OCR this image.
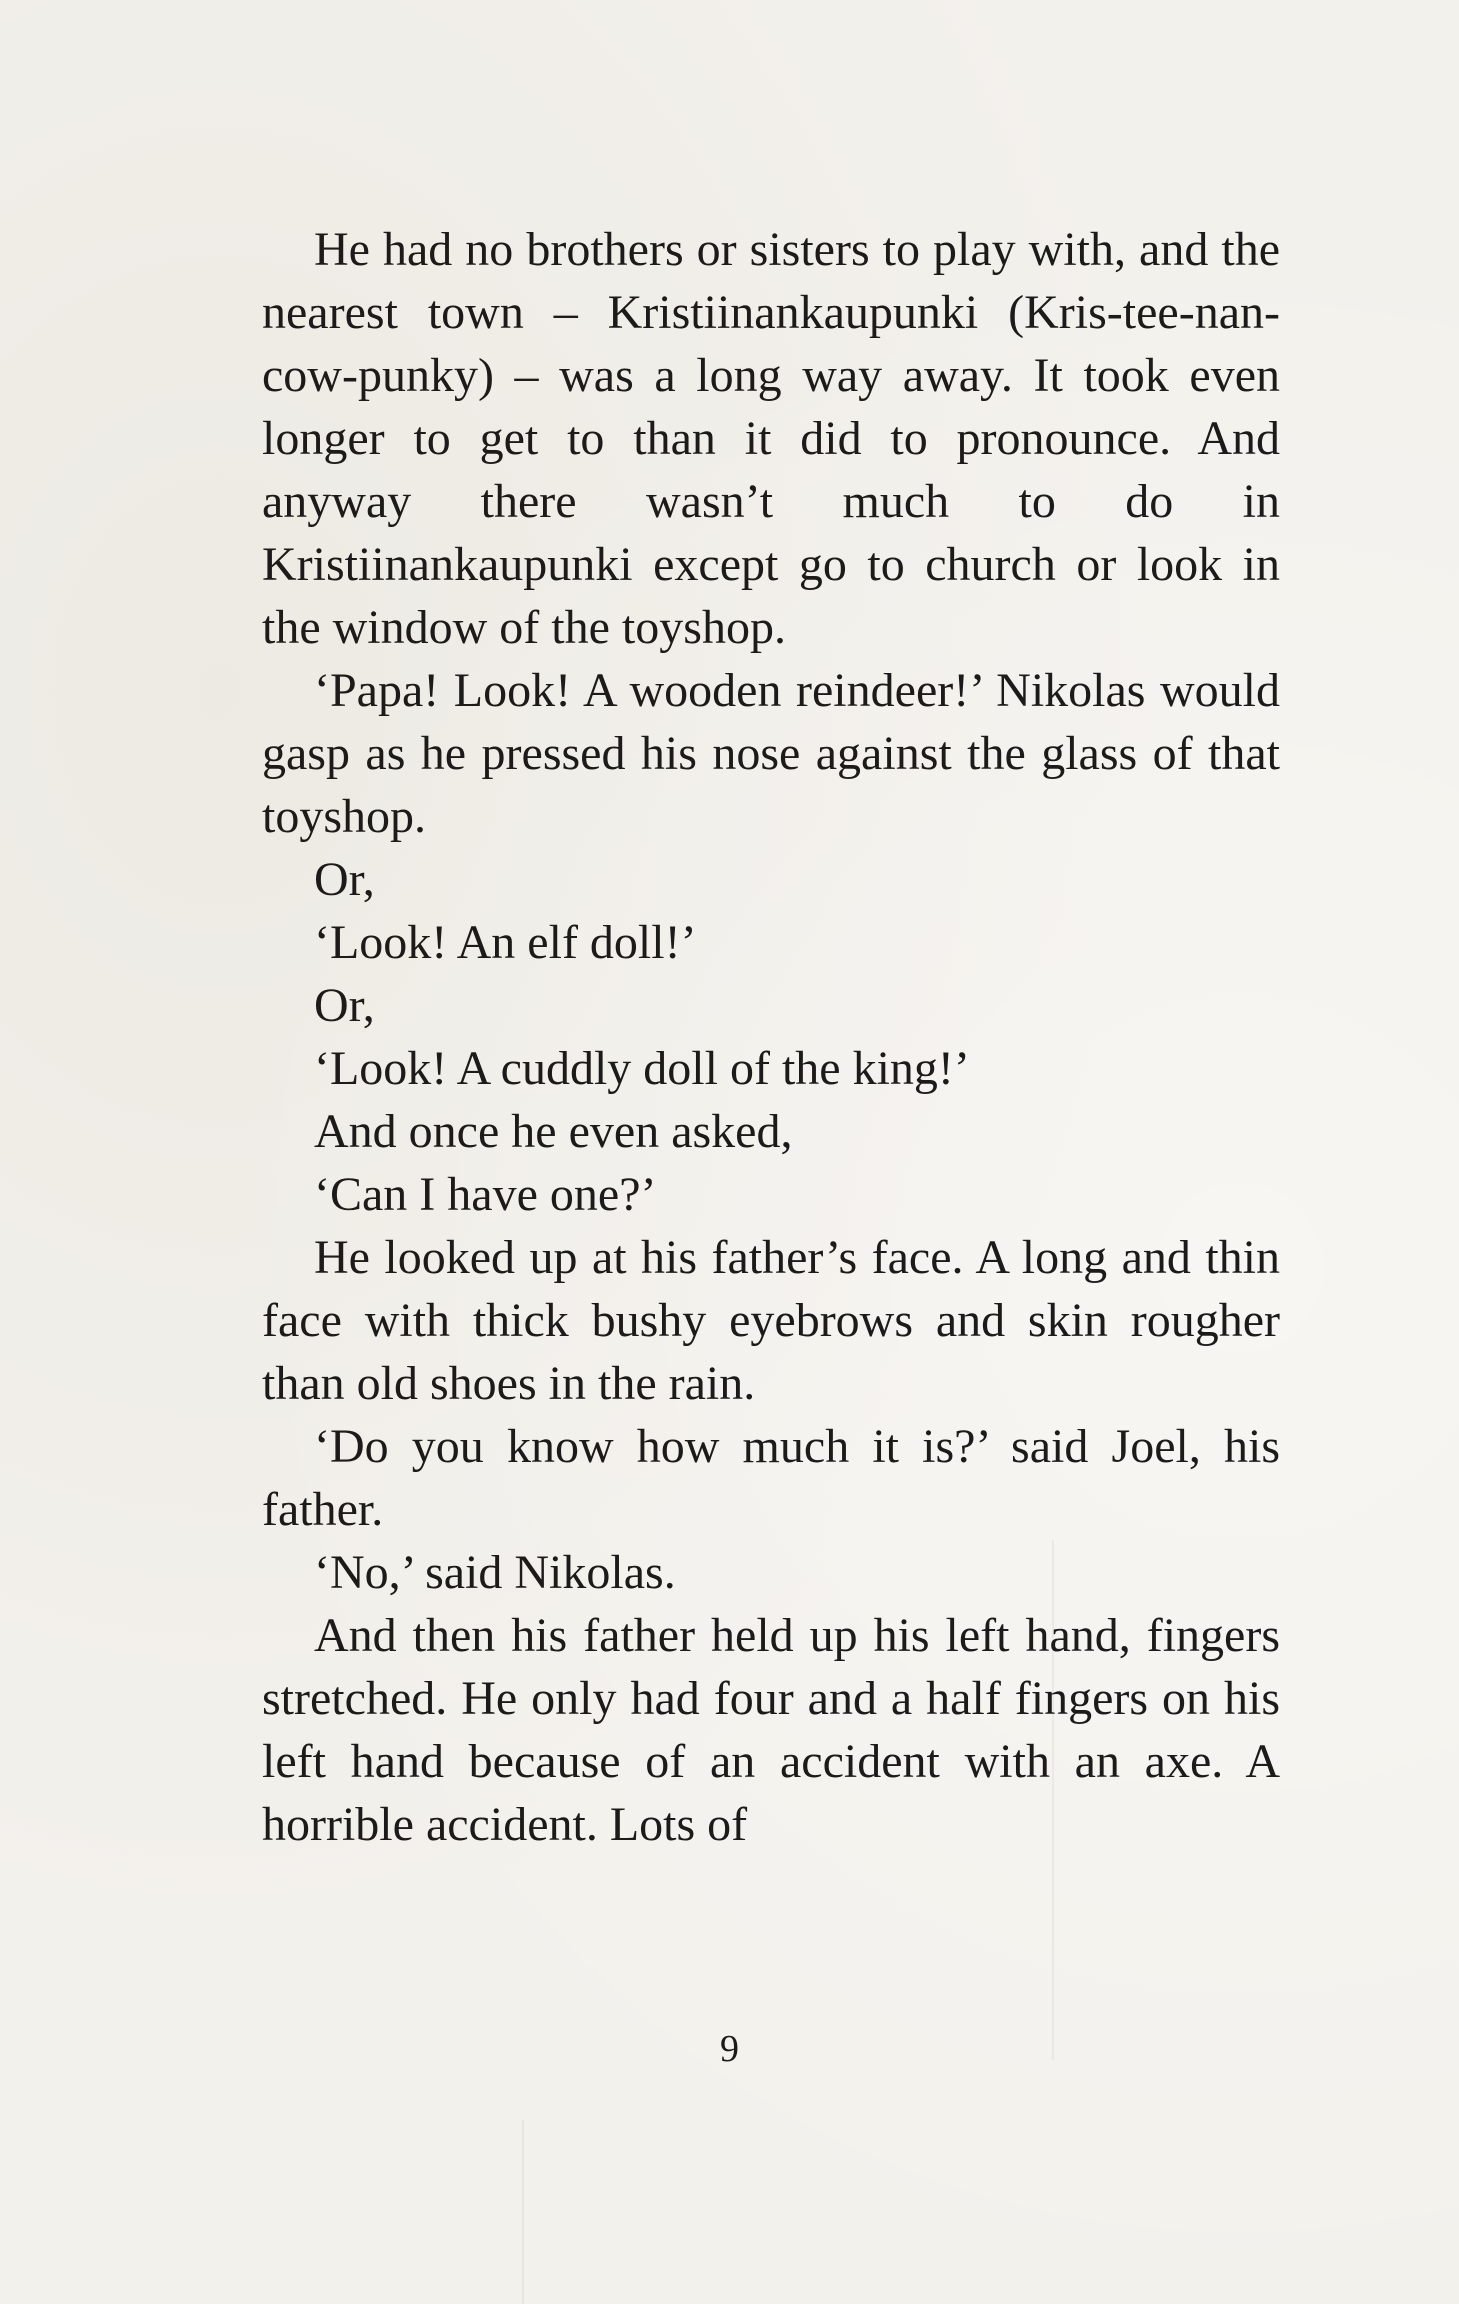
He had no brothers or sisters to play with, and the nearest town – Kristiinankaupunki (Kris-tee-nan-cow-punky) – was a long way away. It took even longer to get to than it did to pronounce. And anyway there wasn’t much to do in Kristiinankaupunki except go to church or look in the window of the toyshop.

‘Papa! Look! A wooden reindeer!’ Nikolas would gasp as he pressed his nose against the glass of that toyshop.

Or,

‘Look! An elf doll!’

Or,

‘Look! A cuddly doll of the king!’

And once he even asked,

‘Can I have one?’

He looked up at his father’s face. A long and thin face with thick bushy eyebrows and skin rougher than old shoes in the rain.

‘Do you know how much it is?’ said Joel, his father.

‘No,’ said Nikolas.

And then his father held up his left hand, fingers stretched. He only had four and a half fingers on his left hand because of an accident with an axe. A horrible accident. Lots of

9
